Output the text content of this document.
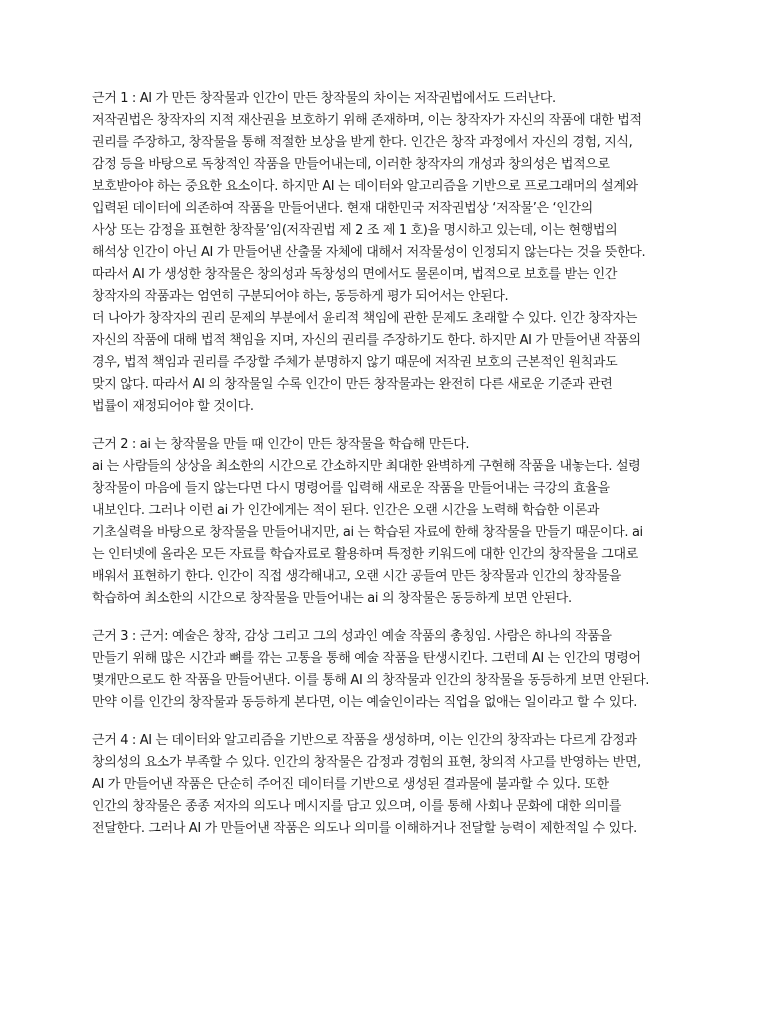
근거 1 : AI 가 만든 창작물과 인간이 만든 창작물의 차이는 저작권법에서도 드러난다.
저작권법은 창작자의 지적 재산권을 보호하기 위해 존재하며, 이는 창작자가 자신의 작품에 대한 법적
권리를 주장하고, 창작물을 통해 적절한 보상을 받게 한다. 인간은 창작 과정에서 자신의 경험, 지식,
감정 등을 바탕으로 독창적인 작품을 만들어내는데, 이러한 창작자의 개성과 창의성은 법적으로
보호받아야 하는 중요한 요소이다. 하지만 AI 는 데이터와 알고리즘을 기반으로 프로그래머의 설계와
입력된 데이터에 의존하여 작품을 만들어낸다. 현재 대한민국 저작권법상 ‘저작물’은 ‘인간의
사상 또는 감정을 표현한 창작물’임(저작권법 제 2 조 제 1 호)을 명시하고 있는데, 이는 현행법의
해석상 인간이 아닌 AI 가 만들어낸 산출물 자체에 대해서 저작물성이 인정되지 않는다는 것을 뜻한다.
따라서 AI 가 생성한 창작물은 창의성과 독창성의 면에서도 물론이며, 법적으로 보호를 받는 인간
창작자의 작품과는 엄연히 구분되어야 하는, 동등하게 평가 되어서는 안된다.
더 나아가 창작자의 권리 문제의 부분에서 윤리적 책임에 관한 문제도 초래할 수 있다. 인간 창작자는
자신의 작품에 대해 법적 책임을 지며, 자신의 권리를 주장하기도 한다. 하지만 AI 가 만들어낸 작품의
경우, 법적 책임과 권리를 주장할 주체가 분명하지 않기 때문에 저작권 보호의 근본적인 원칙과도
맞지 않다. 따라서 AI 의 창작물일 수록 인간이 만든 창작물과는 완전히 다른 새로운 기준과 관련
법률이 재정되어야 할 것이다.
근거 2 : ai 는 창작물을 만들 때 인간이 만든 창작물을 학습해 만든다.
ai 는 사람들의 상상을 최소한의 시간으로 간소하지만 최대한 완벽하게 구현해 작품을 내놓는다. 설령
창작물이 마음에 들지 않는다면 다시 명령어를 입력해 새로운 작품을 만들어내는 극강의 효율을
내보인다. 그러나 이런 ai 가 인간에게는 적이 된다. 인간은 오랜 시간을 노력해 학습한 이론과
기초실력을 바탕으로 창작물을 만들어내지만, ai 는 학습된 자료에 한해 창작물을 만들기 때문이다. ai
는 인터넷에 올라온 모든 자료를 학습자료로 활용하며 특정한 키워드에 대한 인간의 창작물을 그대로
배워서 표현하기 한다. 인간이 직접 생각해내고, 오랜 시간 공들여 만든 창작물과 인간의 창작물을
학습하여 최소한의 시간으로 창작물을 만들어내는 ai 의 창작물은 동등하게 보면 안된다.
근거 3 : 근거: 예술은 창작, 감상 그리고 그의 성과인 예술 작품의 총칭임. 사람은 하나의 작품을
만들기 위해 많은 시간과 뼈를 깎는 고통을 통해 예술 작품을 탄생시킨다. 그런데 AI 는 인간의 명령어
몇개만으로도 한 작품을 만들어낸다. 이를 통해 AI 의 창작물과 인간의 창작물을 동등하게 보면 안된다.
만약 이를 인간의 창작물과 동등하게 본다면, 이는 예술인이라는 직업을 없애는 일이라고 할 수 있다.
근거 4 : AI 는 데이터와 알고리즘을 기반으로 작품을 생성하며, 이는 인간의 창작과는 다르게 감정과
창의성의 요소가 부족할 수 있다. 인간의 창작물은 감정과 경험의 표현, 창의적 사고를 반영하는 반면,
AI 가 만들어낸 작품은 단순히 주어진 데이터를 기반으로 생성된 결과물에 불과할 수 있다. 또한
인간의 창작물은 종종 저자의 의도나 메시지를 담고 있으며, 이를 통해 사회나 문화에 대한 의미를
전달한다. 그러나 AI 가 만들어낸 작품은 의도나 의미를 이해하거나 전달할 능력이 제한적일 수 있다.
